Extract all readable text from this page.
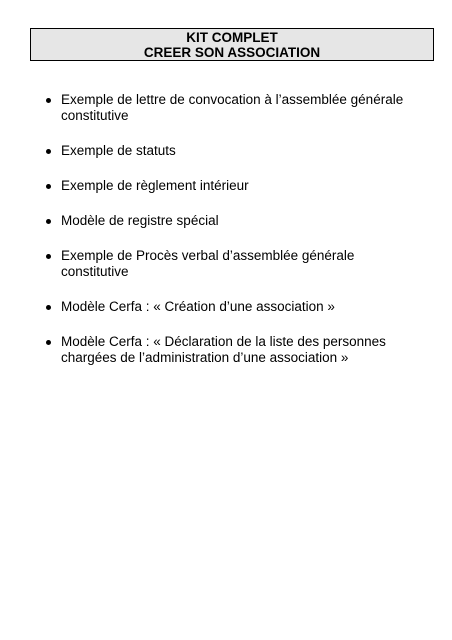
KIT COMPLET
CREER SON ASSOCIATION
Exemple de lettre de convocation à l’assemblée générale constitutive
Exemple de statuts
Exemple de règlement intérieur
Modèle de registre spécial
Exemple de Procès verbal d’assemblée générale constitutive
Modèle Cerfa : « Création d’une association »
Modèle Cerfa : « Déclaration de la liste des personnes chargées de l’administration d’une association »
